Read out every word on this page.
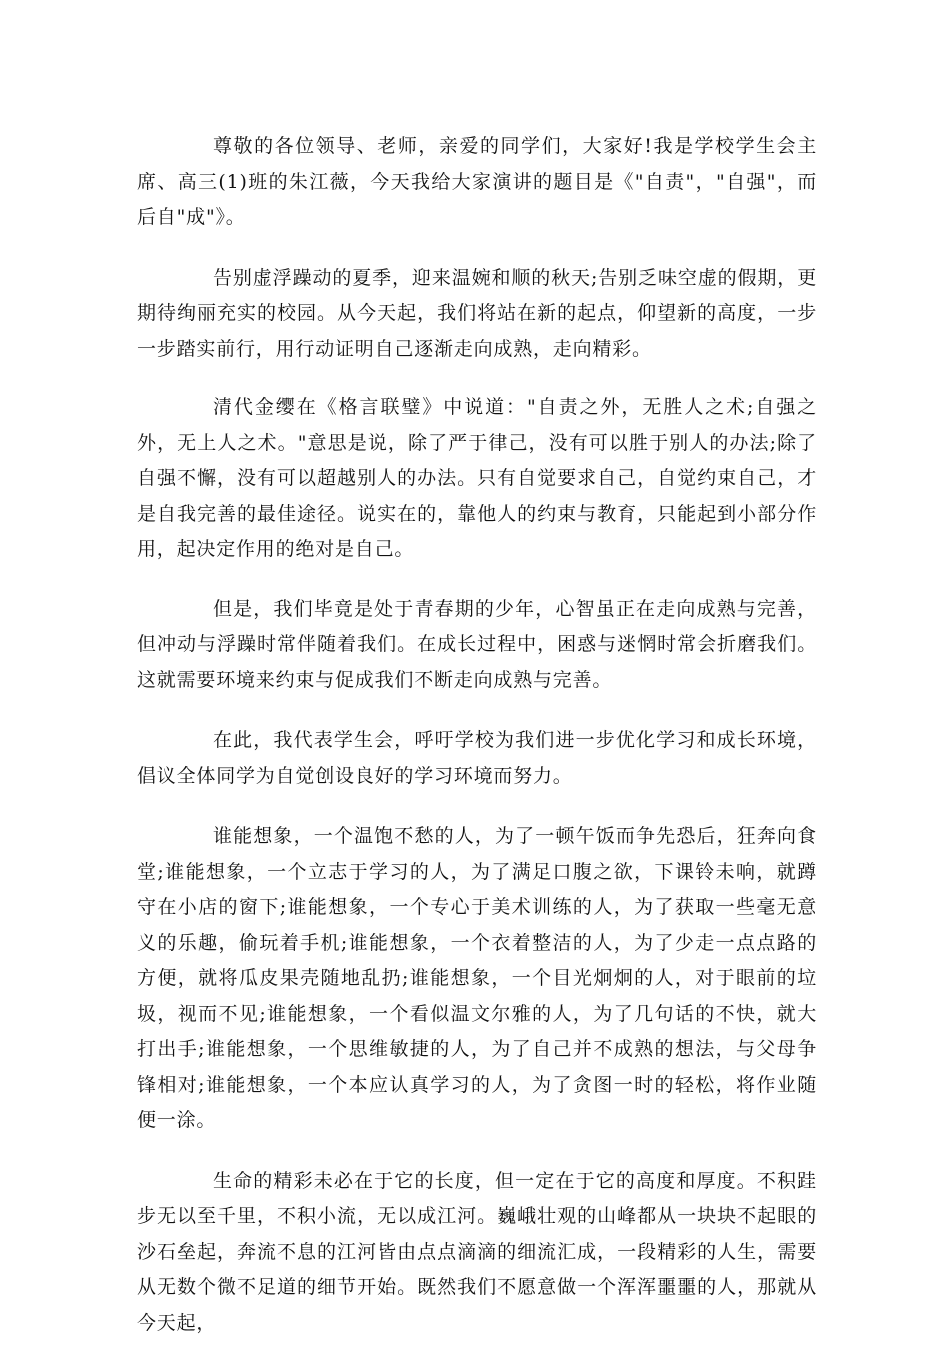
尊敬的各位领导、老师，亲爱的同学们，大家好!我是学校学生会主席、高三(1)班的朱江薇，今天我给大家演讲的题目是《"自责"，"自强"，而后自"成"》。

告别虚浮躁动的夏季，迎来温婉和顺的秋天;告别乏味空虚的假期，更期待绚丽充实的校园。从今天起，我们将站在新的起点，仰望新的高度，一步一步踏实前行，用行动证明自己逐渐走向成熟，走向精彩。

清代金缨在《格言联璧》中说道："自责之外，无胜人之术;自强之外，无上人之术。"意思是说，除了严于律己，没有可以胜于别人的办法;除了自强不懈，没有可以超越别人的办法。只有自觉要求自己，自觉约束自己，才是自我完善的最佳途径。说实在的，靠他人的约束与教育，只能起到小部分作用，起决定作用的绝对是自己。

但是，我们毕竟是处于青春期的少年，心智虽正在走向成熟与完善，但冲动与浮躁时常伴随着我们。在成长过程中，困惑与迷惘时常会折磨我们。这就需要环境来约束与促成我们不断走向成熟与完善。

在此，我代表学生会，呼吁学校为我们进一步优化学习和成长环境，倡议全体同学为自觉创设良好的学习环境而努力。

谁能想象，一个温饱不愁的人，为了一顿午饭而争先恐后，狂奔向食堂;谁能想象，一个立志于学习的人，为了满足口腹之欲，下课铃未响，就蹲守在小店的窗下;谁能想象，一个专心于美术训练的人，为了获取一些毫无意义的乐趣，偷玩着手机;谁能想象，一个衣着整洁的人，为了少走一点点路的方便，就将瓜皮果壳随地乱扔;谁能想象，一个目光炯炯的人，对于眼前的垃圾，视而不见;谁能想象，一个看似温文尔雅的人，为了几句话的不快，就大打出手;谁能想象，一个思维敏捷的人，为了自己并不成熟的想法，与父母争锋相对;谁能想象，一个本应认真学习的人，为了贪图一时的轻松，将作业随便一涂。

生命的精彩未必在于它的长度，但一定在于它的高度和厚度。不积跬步无以至千里，不积小流，无以成江河。巍峨壮观的山峰都从一块块不起眼的沙石垒起，奔流不息的江河皆由点点滴滴的细流汇成，一段精彩的人生，需要从无数个微不足道的细节开始。既然我们不愿意做一个浑浑噩噩的人，那就从今天起，
